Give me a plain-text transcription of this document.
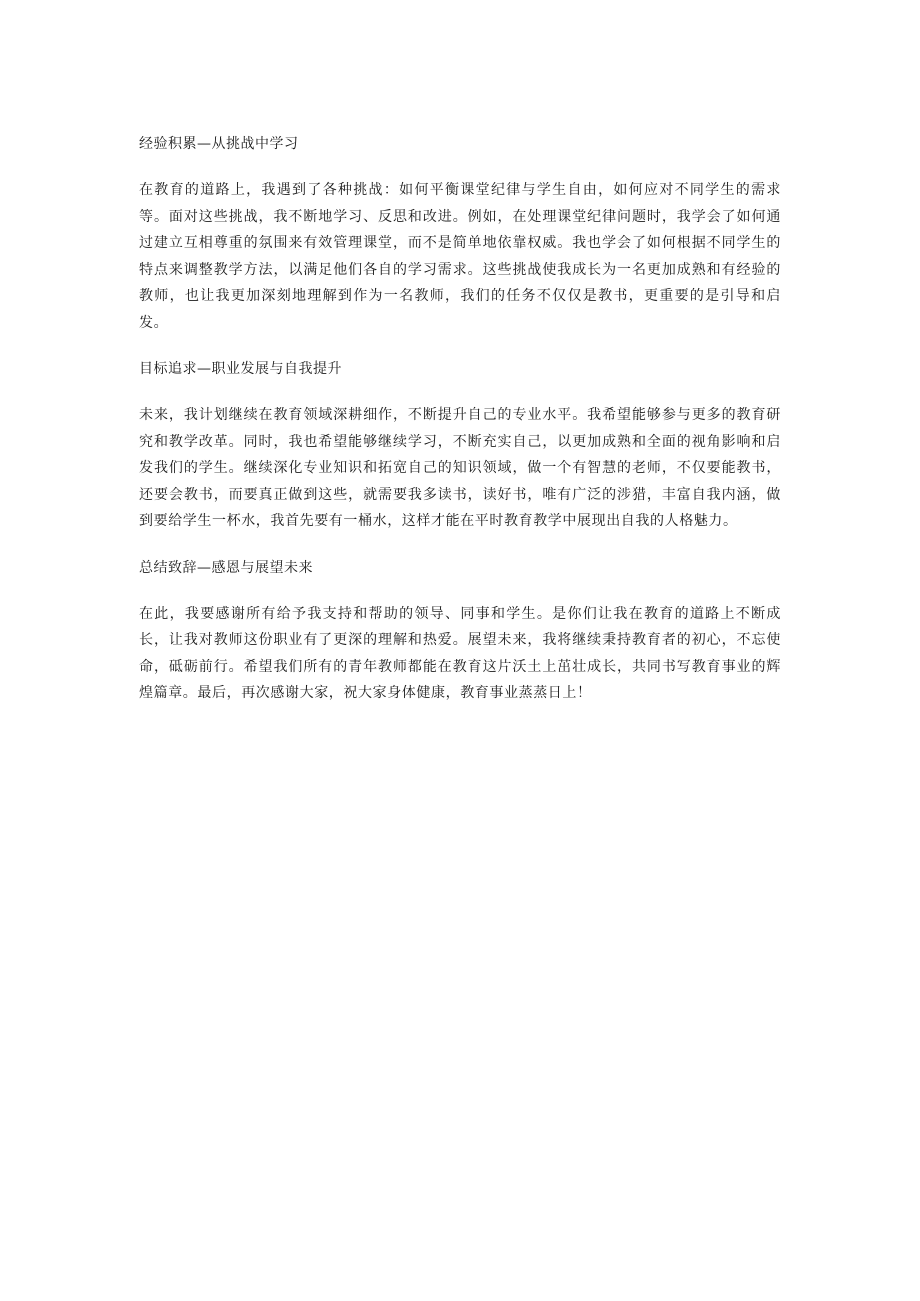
经验积累—从挑战中学习

在教育的道路上，我遇到了各种挑战：如何平衡课堂纪律与学生自由，如何应对不同学生的需求等。面对这些挑战，我不断地学习、反思和改进。例如，在处理课堂纪律问题时，我学会了如何通过建立互相尊重的氛围来有效管理课堂，而不是简单地依靠权威。我也学会了如何根据不同学生的特点来调整教学方法，以满足他们各自的学习需求。这些挑战使我成长为一名更加成熟和有经验的教师，也让我更加深刻地理解到作为一名教师，我们的任务不仅仅是教书，更重要的是引导和启发。

目标追求—职业发展与自我提升

未来，我计划继续在教育领域深耕细作，不断提升自己的专业水平。我希望能够参与更多的教育研究和教学改革。同时，我也希望能够继续学习，不断充实自己，以更加成熟和全面的视角影响和启发我们的学生。继续深化专业知识和拓宽自己的知识领域，做一个有智慧的老师，不仅要能教书，还要会教书，而要真正做到这些，就需要我多读书，读好书，唯有广泛的涉猎，丰富自我内涵，做到要给学生一杯水，我首先要有一桶水，这样才能在平时教育教学中展现出自我的人格魅力。

总结致辞—感恩与展望未来

在此，我要感谢所有给予我支持和帮助的领导、同事和学生。是你们让我在教育的道路上不断成长，让我对教师这份职业有了更深的理解和热爱。展望未来，我将继续秉持教育者的初心，不忘使命，砥砺前行。希望我们所有的青年教师都能在教育这片沃土上茁壮成长，共同书写教育事业的辉煌篇章。最后，再次感谢大家，祝大家身体健康，教育事业蒸蒸日上！
